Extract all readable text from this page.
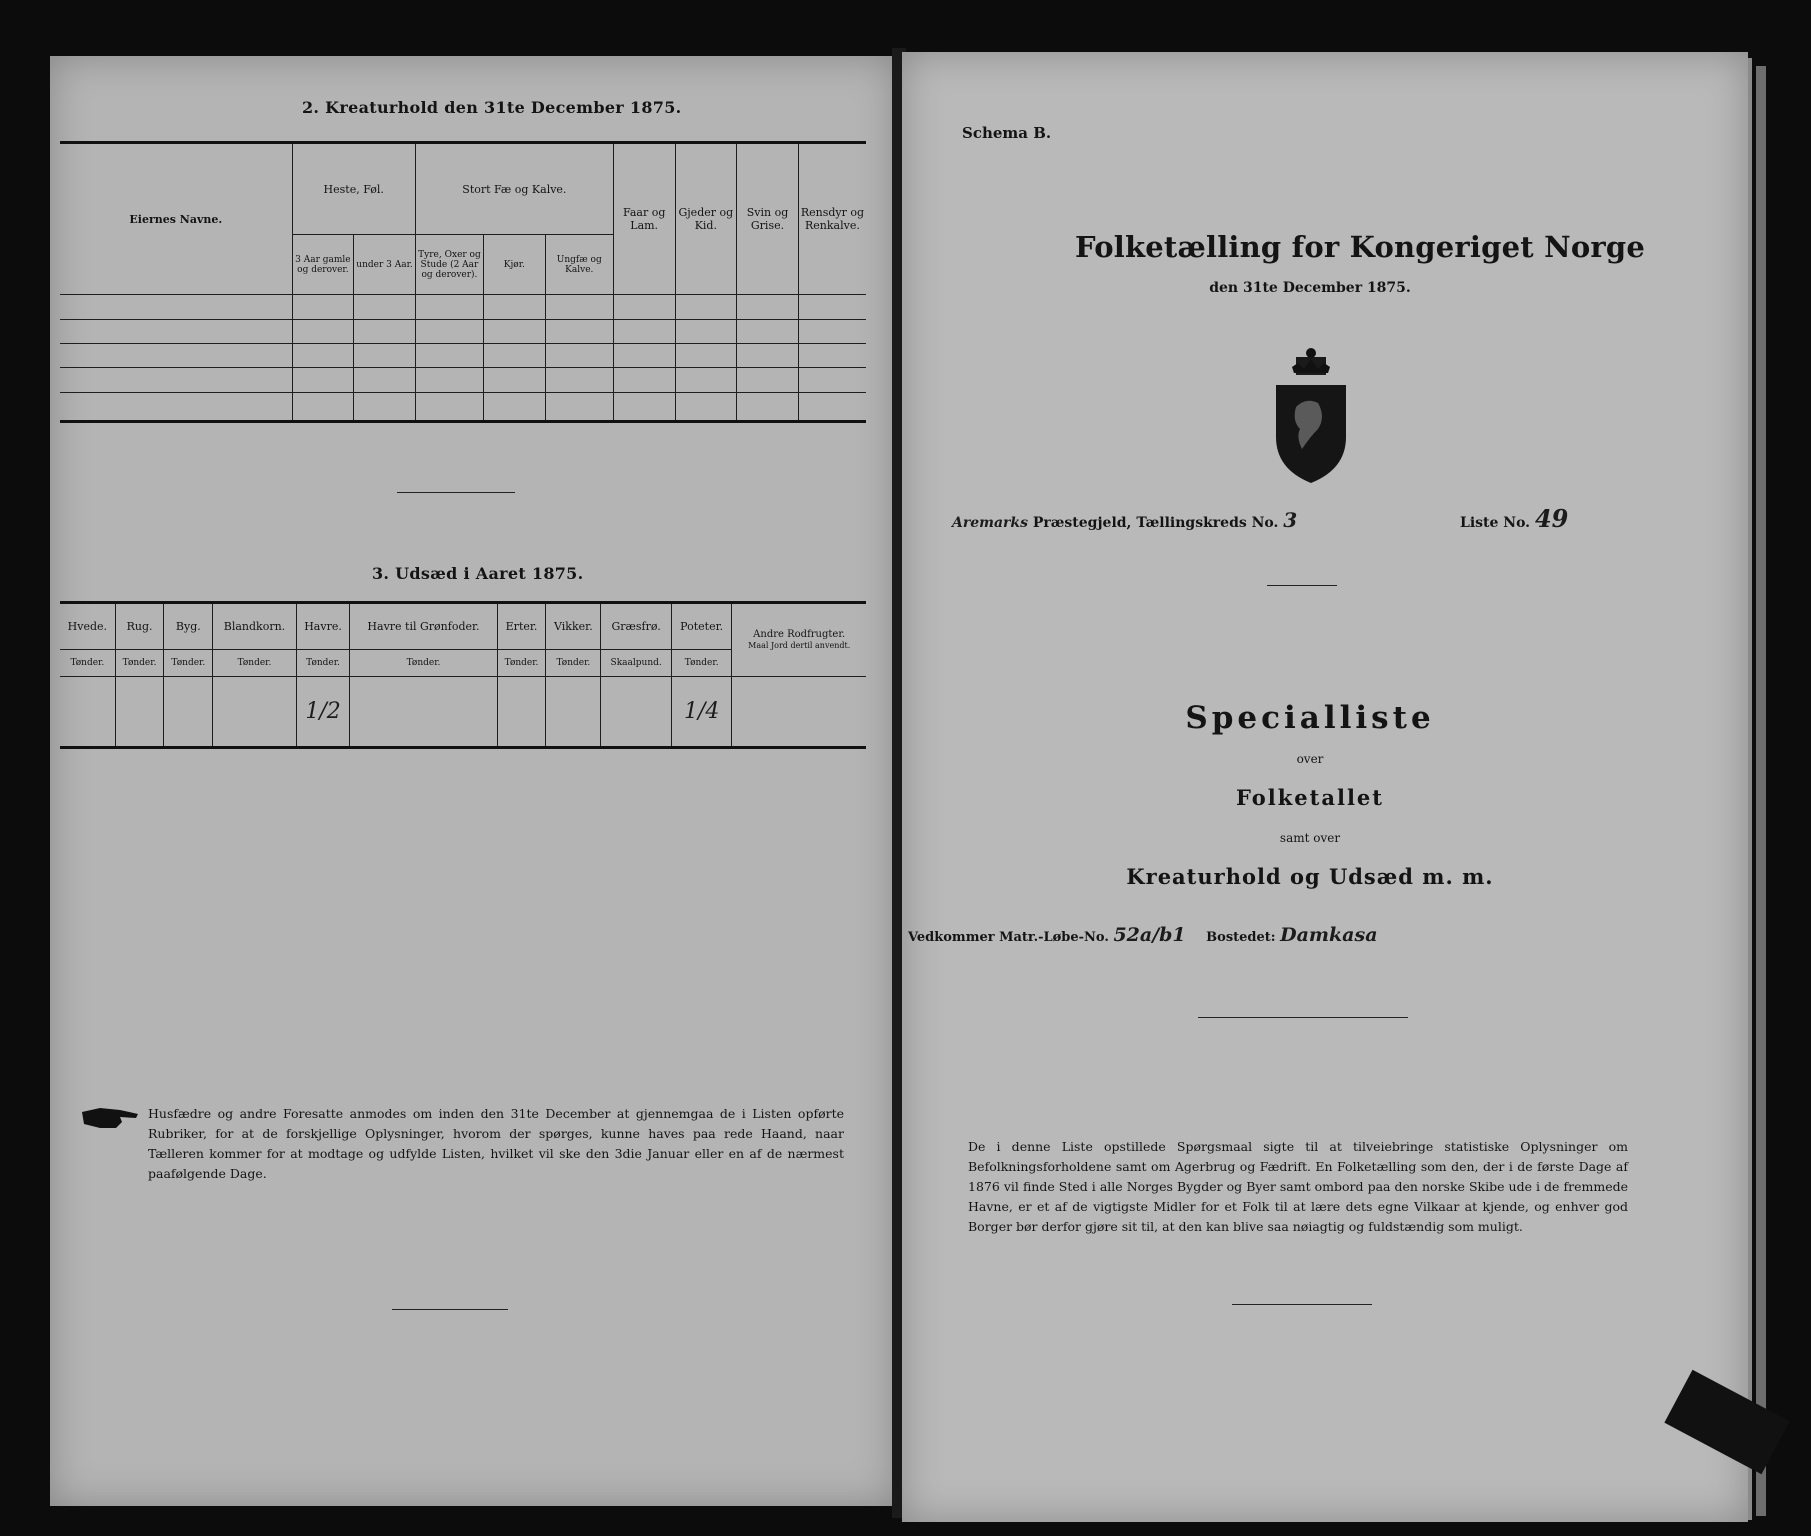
2. Kreaturhold den 31te December 1875.
Eiernes Navne.	Heste, Føl.		Stort Fæ og Kalve.			Faar og Lam.	Gjeder og Kid.	Svin og Grise.	Rensdyr og Renkalve.
	3 Aar gamle og derover.	under 3 Aar.	Tyre, Oxer og Stude (2 Aar og derover).	Kjør.	Ungfæ og Kalve.				

3. Udsæd i Aaret 1875.
Hvede.	Rug.	Byg.	Blandkorn.	Havre.	Havre til Grønfoder.	Erter.	Vikker.	Græsfrø.	Poteter.	Andre Rodfrugter.
Maal Jord dertil anvendt.
Tønder.	Tønder.	Tønder.	Tønder.	Tønder.	Tønder.	Tønder.	Tønder.	Skaalpund.	Tønder.	
				1/2					1/4	
Husfædre og andre Foresatte anmodes om inden den 31te December at gjennemgaa de i Listen opførte Rubriker, for at de forskjellige Oplysninger, hvorom der spørges, kunne haves paa rede Haand, naar Tælleren kommer for at modtage og udfylde Listen, hvilket vil ske den 3die Januar eller en af de nærmest paafølgende Dage.
Schema B.
Folketælling for Kongeriget Norge
den 31te December 1875.
Aremarks Præstegjeld, Tællingskreds No. 3	Liste No. 49
Specialliste
over
Folketallet
samt over
Kreaturhold og Udsæd m. m.
Vedkommer Matr.-Løbe-No. 52a/b1 Bostedet: Damkasa
De i denne Liste opstillede Spørgsmaal sigte til at tilveiebringe statistiske Oplysninger om Befolkningsforholdene samt om Agerbrug og Fædrift. En Folketælling som den, der i de første Dage af 1876 vil finde Sted i alle Norges Bygder og Byer samt ombord paa den norske Skibe ude i de fremmede Havne, er et af de vigtigste Midler for et Folk til at lære dets egne Vilkaar at kjende, og enhver god Borger bør derfor gjøre sit til, at den kan blive saa nøiagtig og fuldstændig som muligt.
